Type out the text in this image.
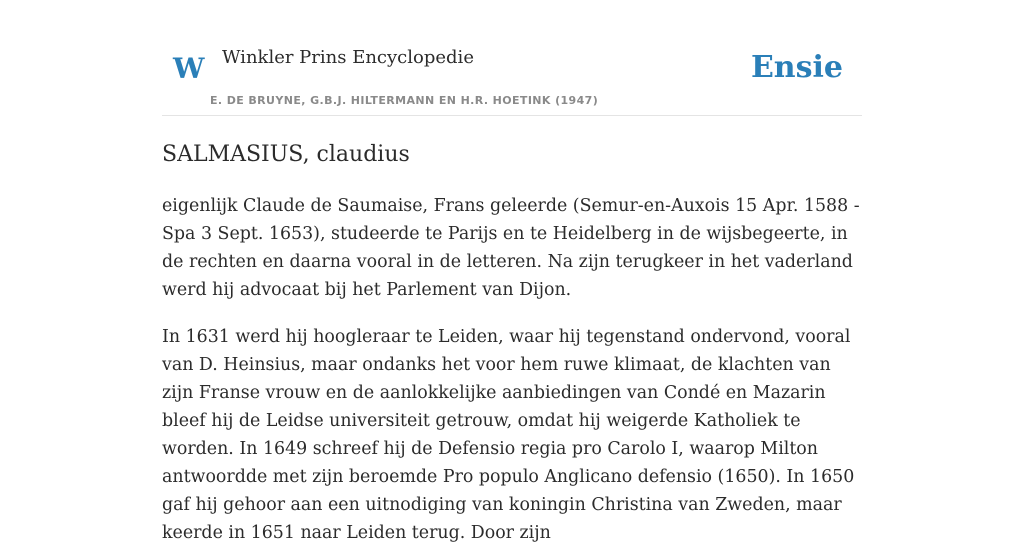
W Winkler Prins Encyclopedie
E. DE BRUYNE, G.B.J. HILTERMANN EN H.R. HOETINK (1947)
Ensie
SALMASIUS, claudius

eigenlijk Claude de Saumaise, Frans geleerde (Semur-en-Auxois 15 Apr. 1588 - Spa 3 Sept. 1653), studeerde te Parijs en te Heidelberg in de wijsbegeerte, in de rechten en daarna vooral in de letteren. Na zijn terugkeer in het vaderland werd hij advocaat bij het Parlement van Dijon.

In 1631 werd hij hoogleraar te Leiden, waar hij tegenstand ondervond, vooral van D. Heinsius, maar ondanks het voor hem ruwe klimaat, de klachten van zijn Franse vrouw en de aanlokkelijke aanbiedingen van Condé en Mazarin bleef hij de Leidse universiteit getrouw, omdat hij weigerde Katholiek te worden. In 1649 schreef hij de Defensio regia pro Carolo I, waarop Milton antwoordde met zijn beroemde Pro populo Anglicano defensio (1650). In 1650 gaf hij gehoor aan een uitnodiging van koningin Christina van Zweden, maar keerde in 1651 naar Leiden terug. Door zijn
